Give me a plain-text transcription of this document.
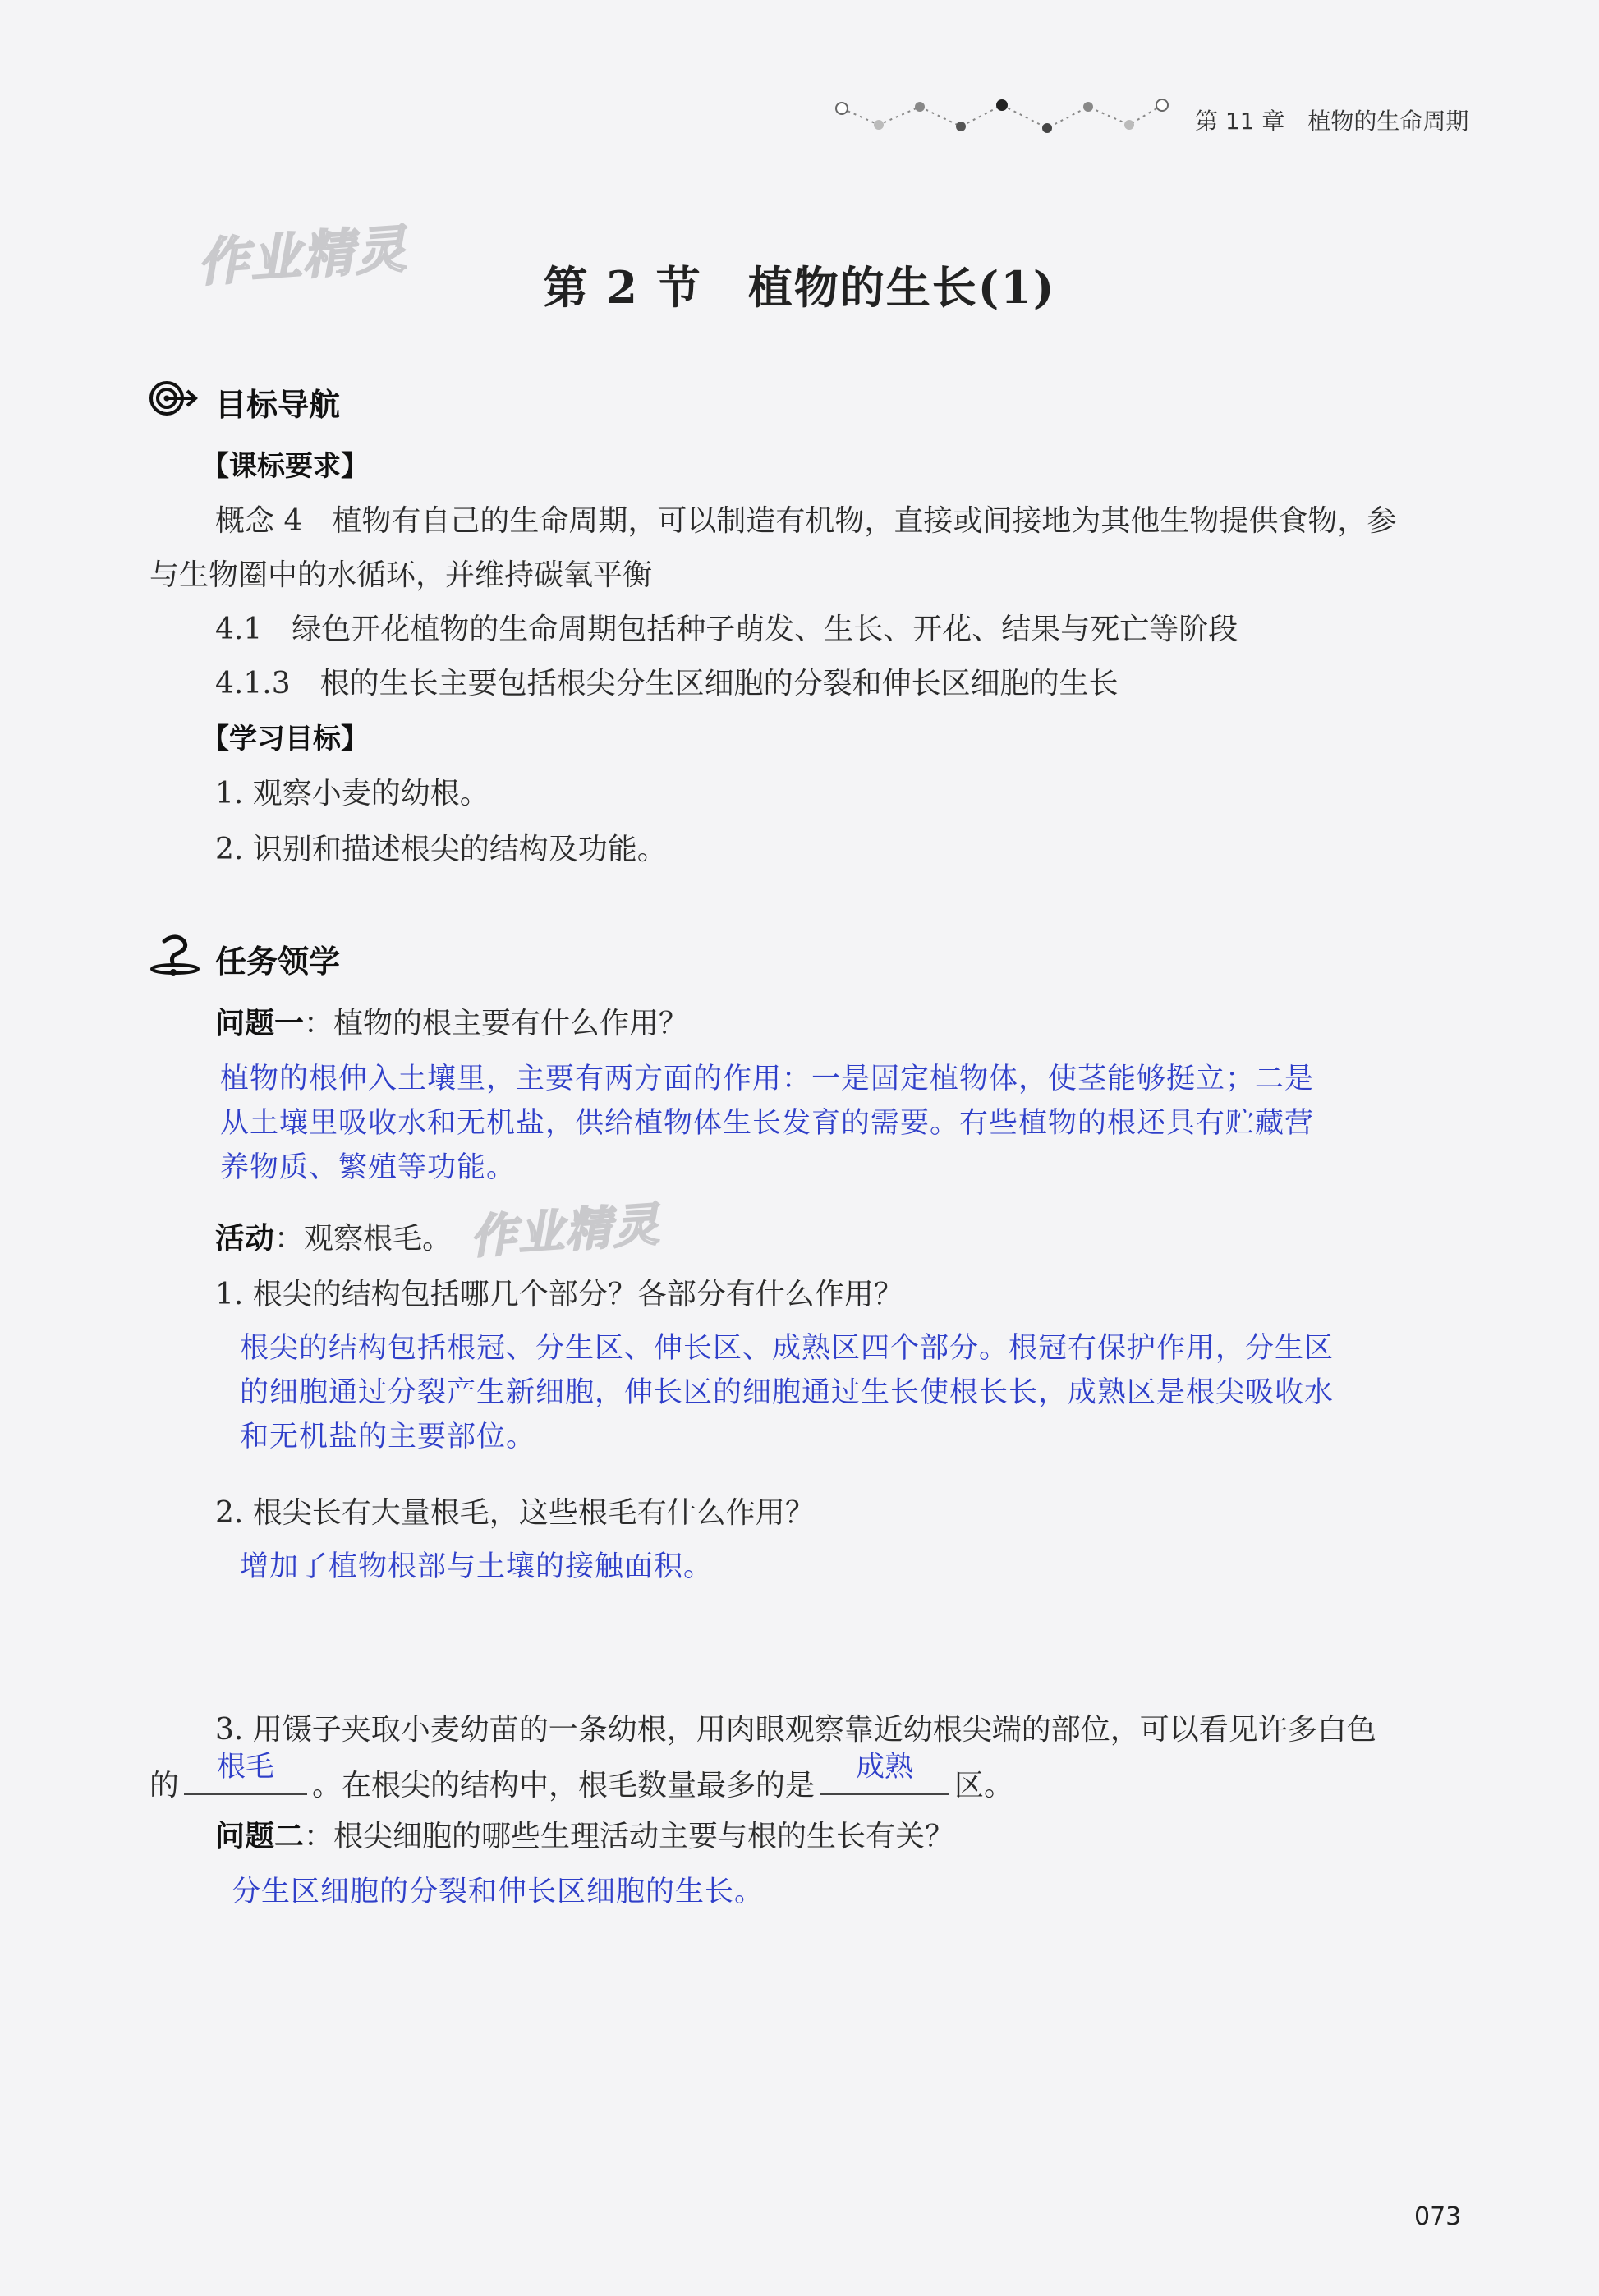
第 11 章　植物的生命周期
作业精灵
作业精灵
第 2 节　植物的生长(1)
目标导航
【课标要求】
概念 4　植物有自己的生命周期，可以制造有机物，直接或间接地为其他生物提供食物，参
与生物圈中的水循环，并维持碳氧平衡
4.1　绿色开花植物的生命周期包括种子萌发、生长、开花、结果与死亡等阶段
4.1.3　根的生长主要包括根尖分生区细胞的分裂和伸长区细胞的生长
【学习目标】
1. 观察小麦的幼根。
2. 识别和描述根尖的结构及功能。
任务领学
问题一：植物的根主要有什么作用？
植物的根伸入土壤里，主要有两方面的作用：一是固定植物体，使茎能够挺立；二是
从土壤里吸收水和无机盐，供给植物体生长发育的需要。有些植物的根还具有贮藏营
养物质、繁殖等功能。
活动：观察根毛。
1. 根尖的结构包括哪几个部分？各部分有什么作用？
根尖的结构包括根冠、分生区、伸长区、成熟区四个部分。根冠有保护作用，分生区
的细胞通过分裂产生新细胞，伸长区的细胞通过生长使根长长，成熟区是根尖吸收水
和无机盐的主要部位。
2. 根尖长有大量根毛，这些根毛有什么作用？
增加了植物根部与土壤的接触面积。
3. 用镊子夹取小麦幼苗的一条幼根，用肉眼观察靠近幼根尖端的部位，可以看见许多白色
的
根毛
。在根尖的结构中，根毛数量最多的是
成熟
区。
问题二：根尖细胞的哪些生理活动主要与根的生长有关？
分生区细胞的分裂和伸长区细胞的生长。
073
